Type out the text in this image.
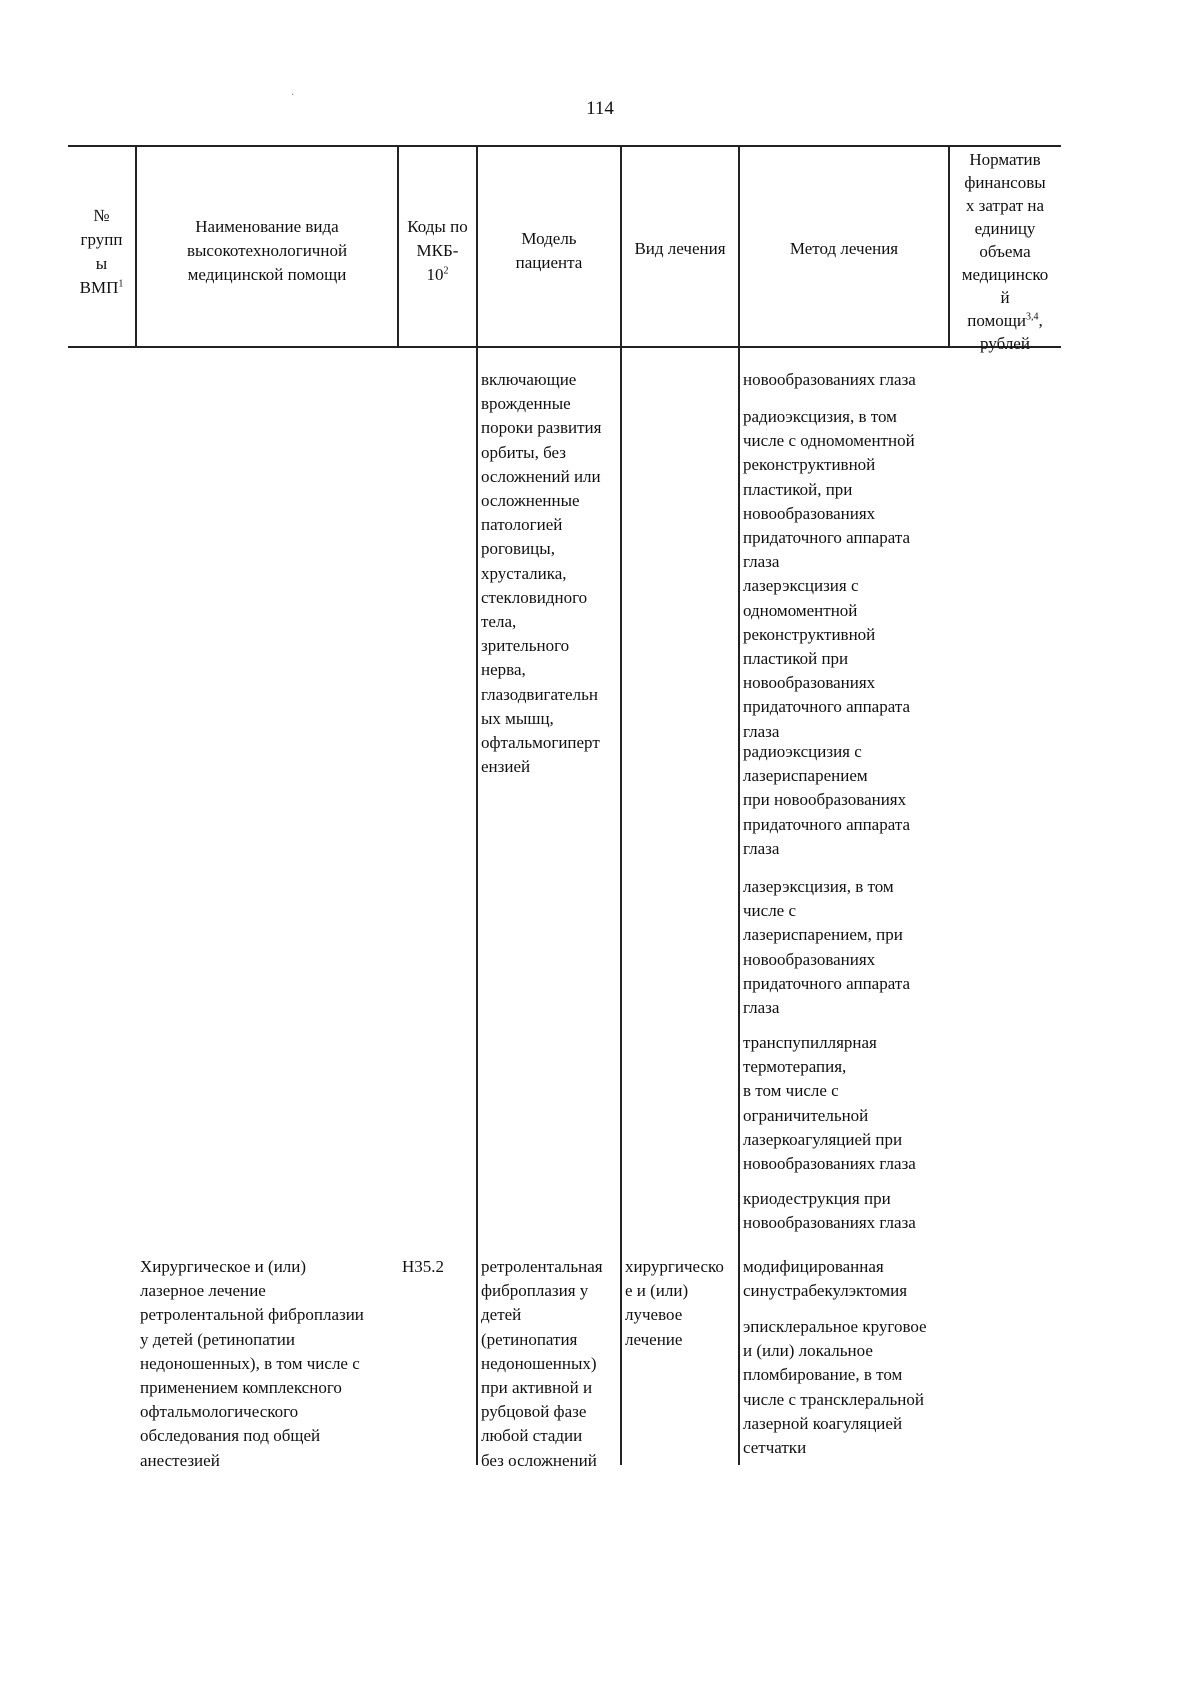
114
·
№
групп
ы
ВМП$^1$
Наименование вида
высокотехнологичной
медицинской помощи
Коды по
МКБ-
$10^2$
Модель
пациента
Вид лечения	Метод лечения
Норматив
финансовы
х затрат на
единицу
объема
медицинско
й
помощи$^{3,4}$,
рублей
включающие
врожденные
пороки развития
орбиты, без
осложнений или
осложненные
патологией
роговицы,
хрусталика,
стекловидного
тела,
зрительного
нерва,
глазодвигательн
ых мышц,
офтальмогиперт
ензией
новообразованиях глаза
радиоэксцизия, в том
числе с одномоментной
реконструктивной
пластикой, при
новообразованиях
придаточного аппарата
глаза
лазерэксцизия с
одномоментной
реконструктивной
пластикой при
новообразованиях
придаточного аппарата
глаза
радиоэксцизия с
лазериспарением
при новообразованиях
придаточного аппарата
глаза
лазерэксцизия, в том
числе с
лазериспарением, при
новообразованиях
придаточного аппарата
глаза
транспупиллярная
термотерапия,
в том числе с
ограничительной
лазеркоагуляцией при
новообразованиях глаза
криодеструкция при
новообразованиях глаза
Хирургическое и (или)
лазерное лечение
ретролентальной фиброплазии
у детей (ретинопатии
недоношенных), в том числе с
применением комплексного
офтальмологического
обследования под общей
анестезией
Н35.2	ретролентальная
фиброплазия у
детей
(ретинопатия
недоношенных)
при активной и
рубцовой фазе
любой стадии
без осложнений
хирургическо
е и (или)
лучевое
лечение
модифицированная
синустрабекулэктомия
эписклеральное круговое
и (или) локальное
пломбирование, в том
числе с трансклеральной
лазерной коагуляцией
сетчатки
